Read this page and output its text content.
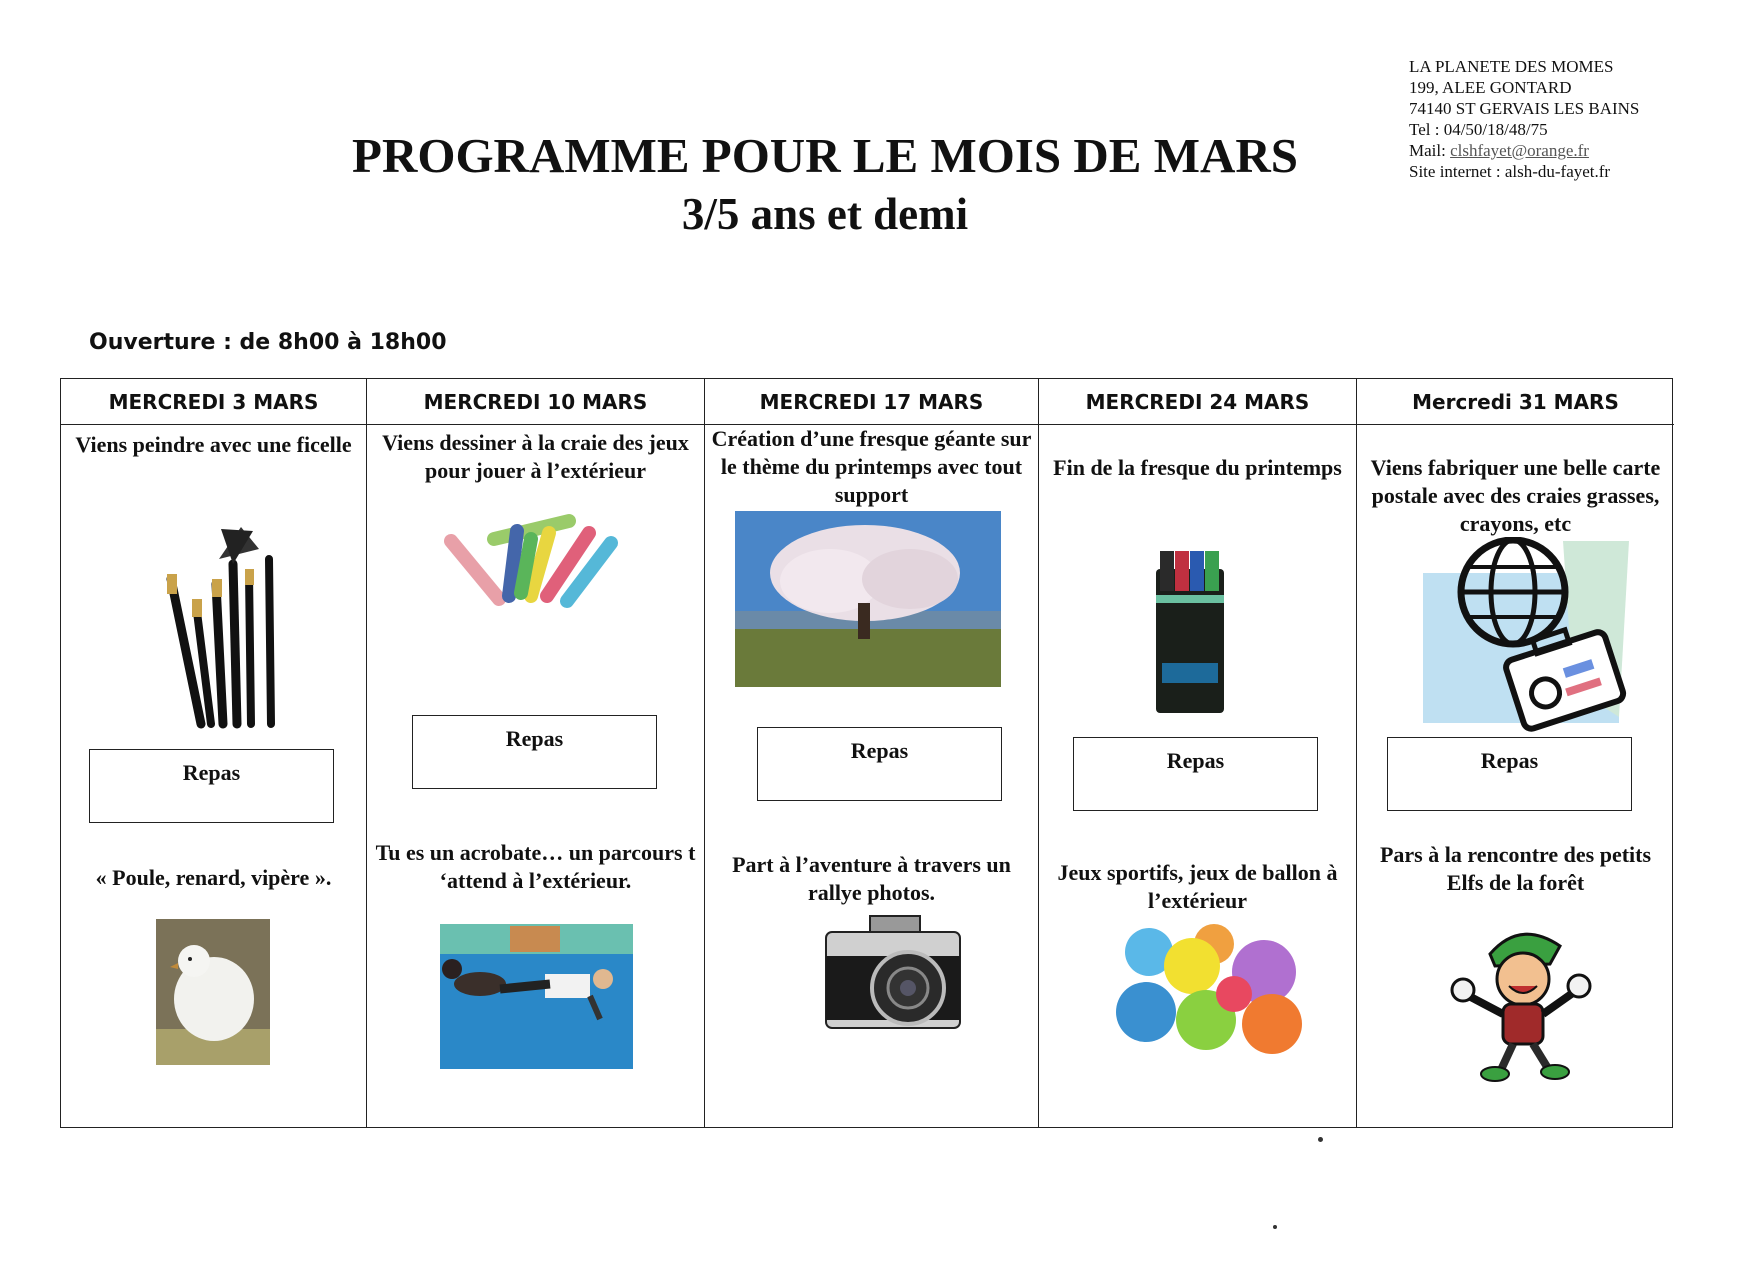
LA PLANETE DES MOMES
199, ALEE GONTARD
74140 ST GERVAIS LES BAINS
Tel : 04/50/18/48/75
Mail: clshfayet@orange.fr
Site internet : alsh-du-fayet.fr
PROGRAMME POUR LE MOIS DE MARS
3/5 ans et demi
Ouverture : de 8h00 à 18h00
MERCREDI 3 MARS
Viens peindre avec une ficelle
Repas
« Poule, renard, vipère ».
MERCREDI 10 MARS
Viens dessiner à la craie des jeux pour jouer à l’extérieur
Repas
Tu es un acrobate… un parcours t ‘attend à l’extérieur.
MERCREDI 17 MARS
Création d’une fresque géante sur le thème du printemps avec tout support
Repas
Part à l’aventure à travers un rallye photos.
MERCREDI 24 MARS
Fin de la fresque du printemps
Repas
Jeux sportifs, jeux de ballon à l’extérieur
Mercredi 31 MARS
Viens fabriquer une belle carte postale avec des craies grasses, crayons, etc
Repas
Pars à la rencontre des petits Elfs de la forêt
